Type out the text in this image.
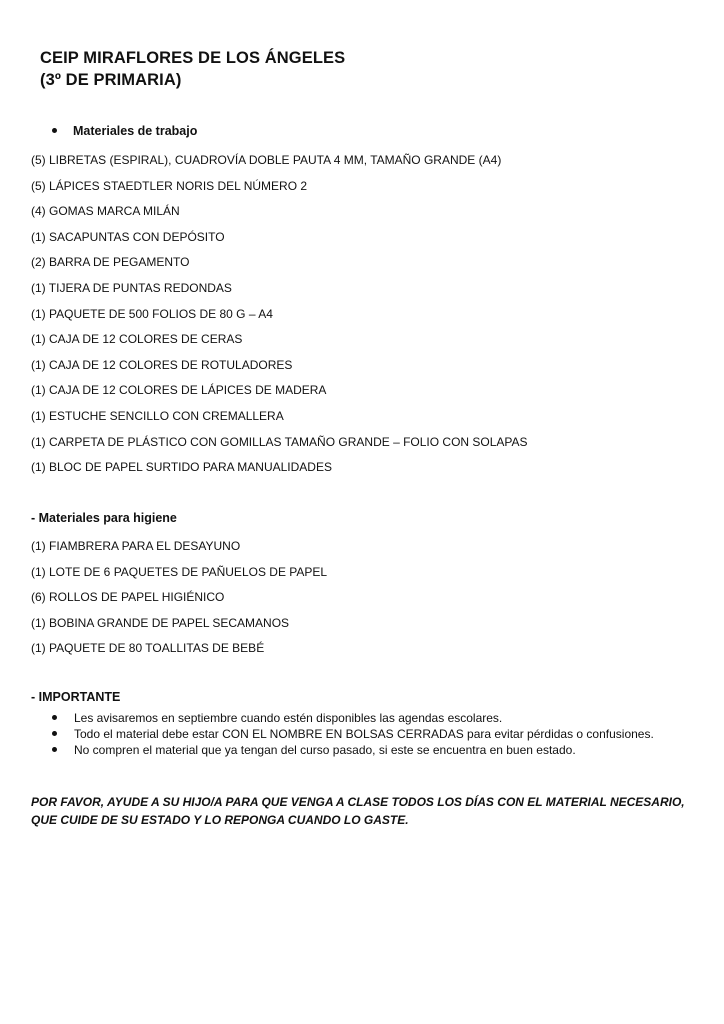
CEIP MIRAFLORES DE LOS ÁNGELES
(3º DE PRIMARIA)
Materiales de trabajo
(5) LIBRETAS (ESPIRAL), CUADROVÍA DOBLE PAUTA 4 MM, TAMAÑO GRANDE (A4)
(5) LÁPICES STAEDTLER NORIS DEL NÚMERO 2
(4) GOMAS MARCA MILÁN
(1) SACAPUNTAS CON DEPÓSITO
(2) BARRA DE PEGAMENTO
(1) TIJERA DE PUNTAS REDONDAS
(1) PAQUETE DE 500 FOLIOS DE 80 G – A4
(1) CAJA DE 12 COLORES DE CERAS
(1) CAJA DE 12 COLORES DE ROTULADORES
(1) CAJA DE 12 COLORES DE LÁPICES DE MADERA
(1) ESTUCHE SENCILLO CON CREMALLERA
(1) CARPETA DE PLÁSTICO CON GOMILLAS TAMAÑO GRANDE – FOLIO CON SOLAPAS
(1) BLOC DE PAPEL SURTIDO PARA MANUALIDADES
- Materiales para higiene
(1) FIAMBRERA PARA EL DESAYUNO
(1) LOTE DE 6 PAQUETES DE PAÑUELOS DE PAPEL
(6) ROLLOS DE PAPEL HIGIÉNICO
(1) BOBINA GRANDE DE PAPEL SECAMANOS
(1) PAQUETE DE 80 TOALLITAS DE BEBÉ
- IMPORTANTE
Les avisaremos en septiembre cuando estén disponibles las agendas escolares.
Todo el material debe estar CON EL NOMBRE EN BOLSAS CERRADAS para evitar pérdidas o confusiones.
No compren el material que ya tengan del curso pasado, si este se encuentra en buen estado.
POR FAVOR, AYUDE A SU HIJO/A PARA QUE VENGA A CLASE TODOS LOS DÍAS CON EL MATERIAL NECESARIO, QUE CUIDE DE SU ESTADO Y LO REPONGA CUANDO LO GASTE.
